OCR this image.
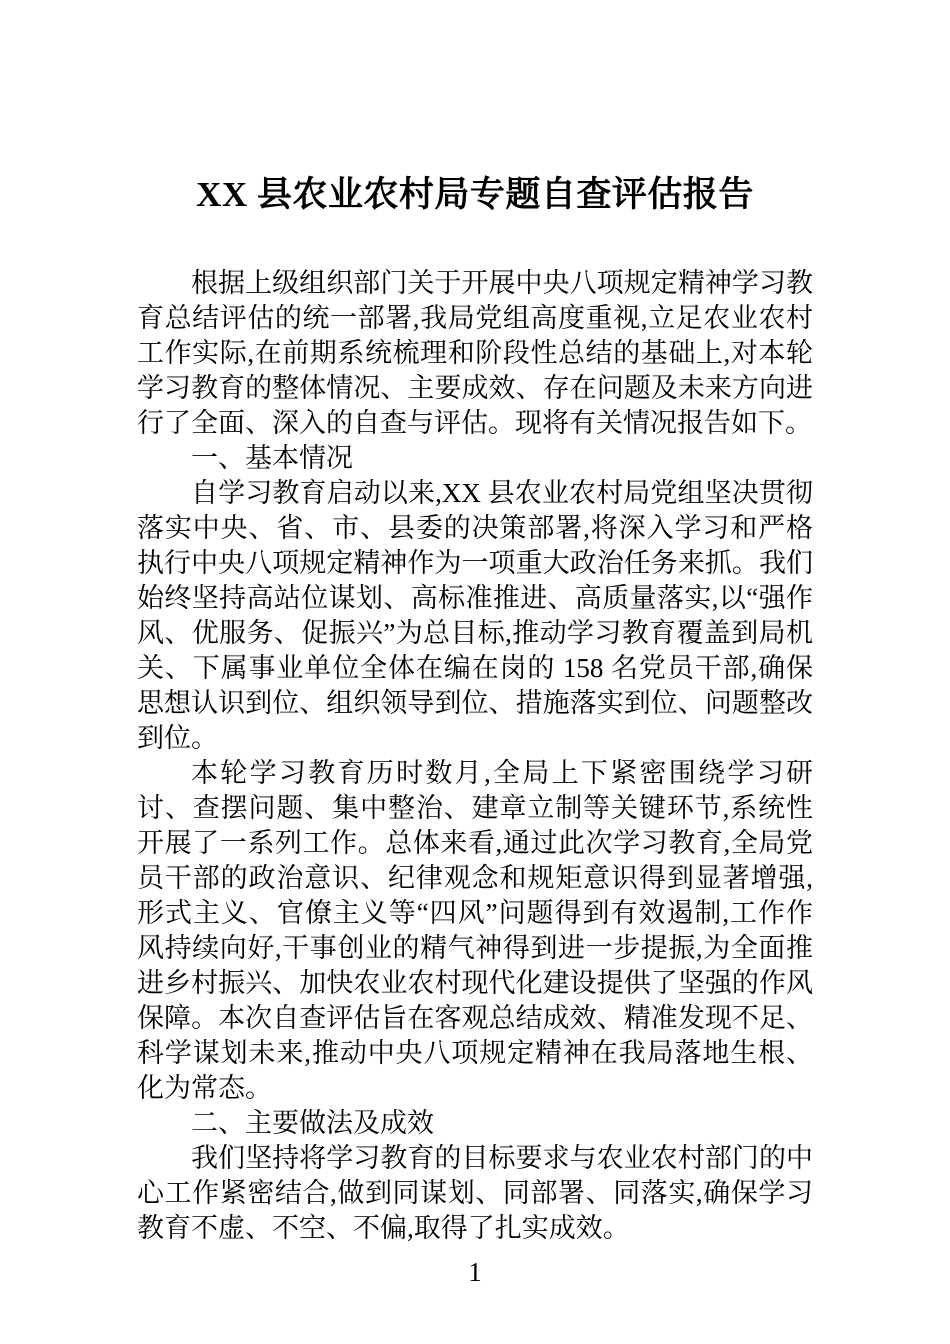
XX 县农业农村局专题自查评估报告

根据上级组织部门关于开展中央八项规定精神学习教育总结评估的统一部署,我局党组高度重视,立足农业农村工作实际,在前期系统梳理和阶段性总结的基础上,对本轮学习教育的整体情况、主要成效、存在问题及未来方向进行了全面、深入的自查与评估。现将有关情况报告如下。

一、基本情况

自学习教育启动以来,XX 县农业农村局党组坚决贯彻落实中央、省、市、县委的决策部署,将深入学习和严格执行中央八项规定精神作为一项重大政治任务来抓。我们始终坚持高站位谋划、高标准推进、高质量落实,以“强作风、优服务、促振兴”为总目标,推动学习教育覆盖到局机关、下属事业单位全体在编在岗的 158 名党员干部,确保思想认识到位、组织领导到位、措施落实到位、问题整改到位。

本轮学习教育历时数月,全局上下紧密围绕学习研讨、查摆问题、集中整治、建章立制等关键环节,系统性开展了一系列工作。总体来看,通过此次学习教育,全局党员干部的政治意识、纪律观念和规矩意识得到显著增强,形式主义、官僚主义等“四风”问题得到有效遏制,工作作风持续向好,干事创业的精气神得到进一步提振,为全面推进乡村振兴、加快农业农村现代化建设提供了坚强的作风保障。本次自查评估旨在客观总结成效、精准发现不足、科学谋划未来,推动中央八项规定精神在我局落地生根、化为常态。

二、主要做法及成效

我们坚持将学习教育的目标要求与农业农村部门的中心工作紧密结合,做到同谋划、同部署、同落实,确保学习教育不虚、不空、不偏,取得了扎实成效。

1
